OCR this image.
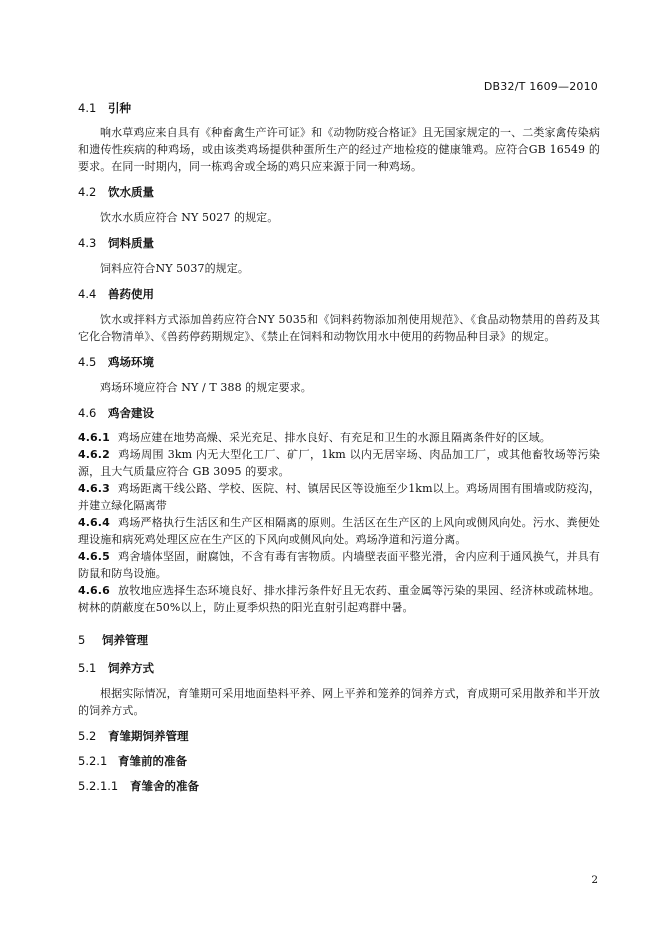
DB32/T 1609—2010
4.1 引种

响水草鸡应来自具有《种畜禽生产许可证》和《动物防疫合格证》且无国家规定的一、二类家禽传染病和遗传性疾病的种鸡场，或由该类鸡场提供种蛋所生产的经过产地检疫的健康雏鸡。应符合GB 16549 的要求。在同一时期内，同一栋鸡舍或全场的鸡只应来源于同一种鸡场。

4.2 饮水质量

饮水水质应符合 NY 5027 的规定。

4.3 饲料质量

饲料应符合NY 5037的规定。

4.4 兽药使用

饮水或拌料方式添加兽药应符合NY 5035和《饲料药物添加剂使用规范》、《食品动物禁用的兽药及其它化合物清单》、《兽药停药期规定》、《禁止在饲料和动物饮用水中使用的药物品种目录》的规定。

4.5 鸡场环境

鸡场环境应符合 NY / T 388 的规定要求。

4.6 鸡舍建设

4.6.1 鸡场应建在地势高燥、采光充足、排水良好、有充足和卫生的水源且隔离条件好的区域。

4.6.2 鸡场周围 3km 内无大型化工厂、矿厂，1km 以内无居宰场、肉品加工厂，或其他畜牧场等污染源，且大气质量应符合 GB 3095 的要求。

4.6.3 鸡场距离干线公路、学校、医院、村、镇居民区等设施至少1km以上。鸡场周围有围墙或防疫沟，并建立绿化隔离带

4.6.4 鸡场严格执行生活区和生产区相隔离的原则。生活区在生产区的上风向或侧风向处。污水、粪便处理设施和病死鸡处理区应在生产区的下风向或侧风向处。鸡场净道和污道分离。

4.6.5 鸡舍墙体坚固，耐腐蚀，不含有毒有害物质。内墙壁表面平整光滑，舍内应利于通风换气，并具有防鼠和防鸟设施。

4.6.6 放牧地应选择生态环境良好、排水排污条件好且无农药、重金属等污染的果园、经济林或疏林地。树林的荫蔽度在50%以上，防止夏季炽热的阳光直射引起鸡群中暑。

5 饲养管理
5.1 饲养方式

根据实际情况，育雏期可采用地面垫料平养、网上平养和笼养的饲养方式，育成期可采用散养和半开放的饲养方式。

5.2 育雏期饲养管理
5.2.1 育雏前的准备
5.2.1.1 育雏舍的准备
2
